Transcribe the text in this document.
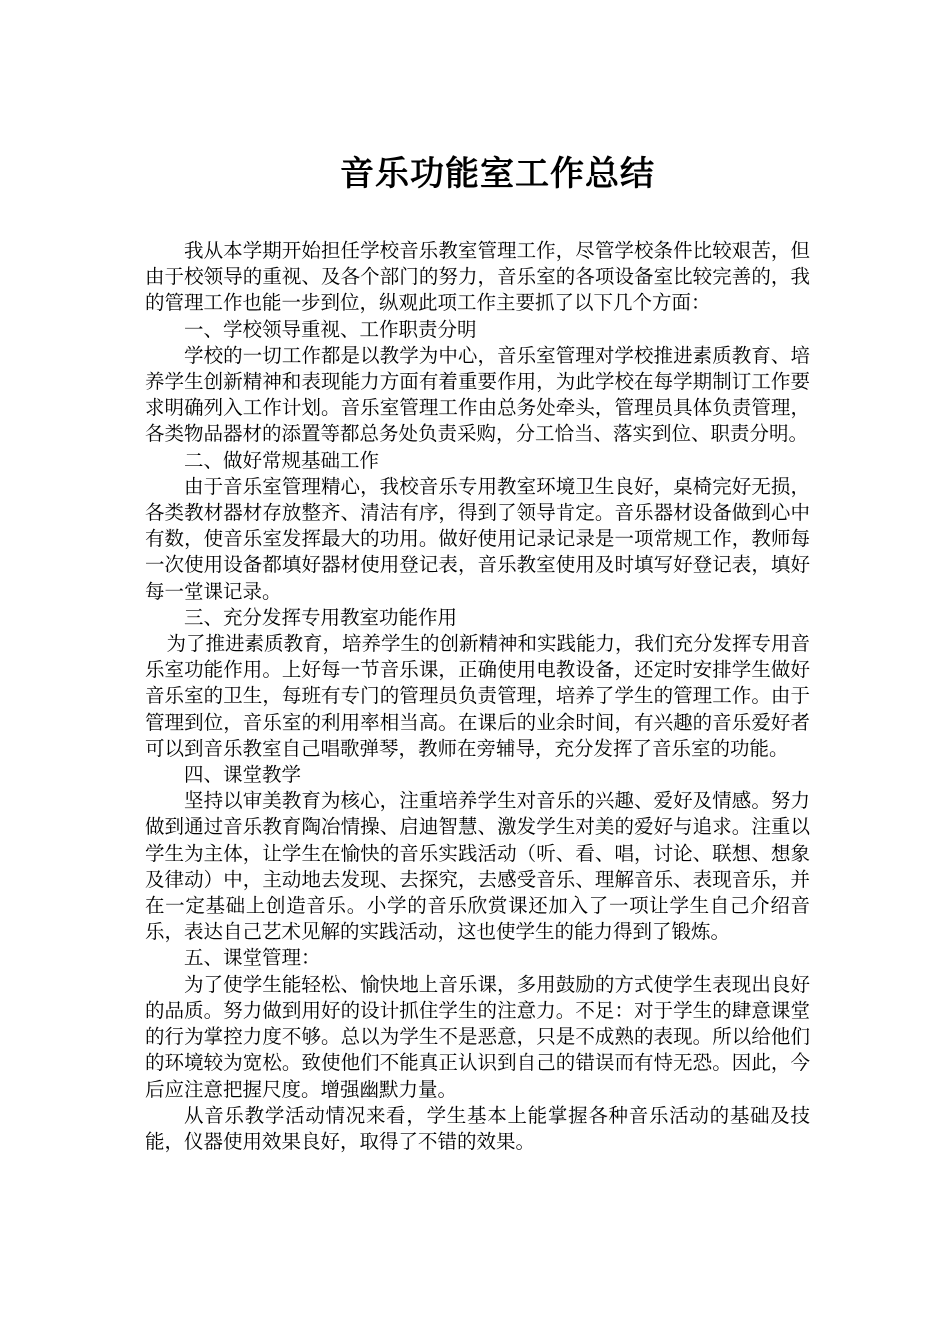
音乐功能室工作总结

我从本学期开始担任学校音乐教室管理工作，尽管学校条件比较艰苦，但由于校领导的重视、及各个部门的努力，音乐室的各项设备室比较完善的，我的管理工作也能一步到位，纵观此项工作主要抓了以下几个方面：

一、学校领导重视、工作职责分明

学校的一切工作都是以教学为中心，音乐室管理对学校推进素质教育、培养学生创新精神和表现能力方面有着重要作用，为此学校在每学期制订工作要求明确列入工作计划。音乐室管理工作由总务处牵头，管理员具体负责管理，各类物品器材的添置等都总务处负责采购，分工恰当、落实到位、职责分明。

二、做好常规基础工作

由于音乐室管理精心，我校音乐专用教室环境卫生良好，桌椅完好无损，各类教材器材存放整齐、清洁有序，得到了领导肯定。音乐器材设备做到心中有数，使音乐室发挥最大的功用。做好使用记录记录是一项常规工作，教师每一次使用设备都填好器材使用登记表，音乐教室使用及时填写好登记表，填好每一堂课记录。

三、充分发挥专用教室功能作用

为了推进素质教育，培养学生的创新精神和实践能力，我们充分发挥专用音乐室功能作用。上好每一节音乐课，正确使用电教设备，还定时安排学生做好音乐室的卫生，每班有专门的管理员负责管理，培养了学生的管理工作。由于管理到位，音乐室的利用率相当高。在课后的业余时间，有兴趣的音乐爱好者可以到音乐教室自己唱歌弹琴，教师在旁辅导，充分发挥了音乐室的功能。

四、课堂教学

坚持以审美教育为核心，注重培养学生对音乐的兴趣、爱好及情感。努力做到通过音乐教育陶冶情操、启迪智慧、激发学生对美的爱好与追求。注重以学生为主体，让学生在愉快的音乐实践活动（听、看、唱，讨论、联想、想象及律动）中，主动地去发现、去探究，去感受音乐、理解音乐、表现音乐，并在一定基础上创造音乐。小学的音乐欣赏课还加入了一项让学生自己介绍音乐，表达自己艺术见解的实践活动，这也使学生的能力得到了锻炼。

五、课堂管理：

为了使学生能轻松、愉快地上音乐课，多用鼓励的方式使学生表现出良好的品质。努力做到用好的设计抓住学生的注意力。不足：对于学生的肆意课堂的行为掌控力度不够。总以为学生不是恶意，只是不成熟的表现。所以给他们的环境较为宽松。致使他们不能真正认识到自己的错误而有恃无恐。因此，今后应注意把握尺度。增强幽默力量。

从音乐教学活动情况来看，学生基本上能掌握各种音乐活动的基础及技能，仪器使用效果良好，取得了不错的效果。
